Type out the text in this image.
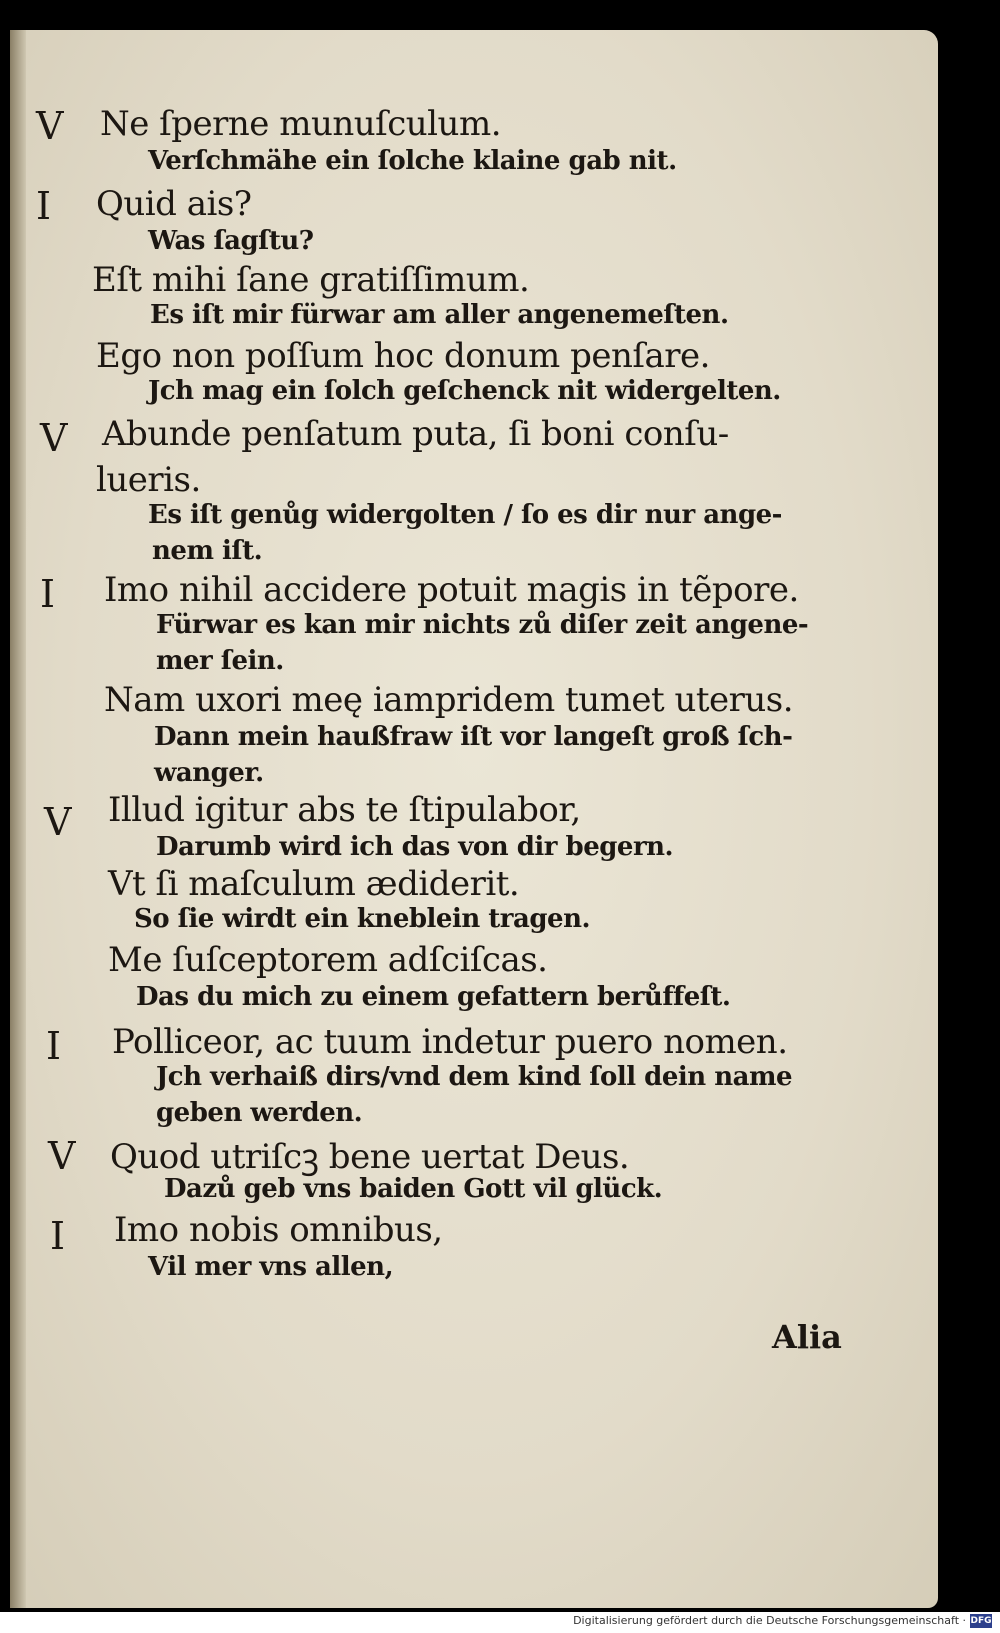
V
I
V
I
V
I
V
I
Ne ſperne munuſculum.
Verſchmähe ein ſolche klaine gab nit.
Quid ais?
Was ſagſtu?
Eſt mihi ſane gratiſſimum.
Es iſt mir fürwar am aller angenemeſten.
Ego non poſſum hoc donum penſare.
Jch mag ein ſolch geſchenck nit widergelten.
Abunde penſatum puta, ſi boni conſu-
lueris.
Es iſt genůg widergolten / ſo es dir nur ange-
nem iſt.
Imo nihil accidere potuit magis in tẽpore.
Fürwar es kan mir nichts zů diſer zeit angene-
mer ſein.
Nam uxori meę iampridem tumet uterus.
Dann mein haußfraw iſt vor langeſt groß ſch-
wanger.
Illud igitur abs te ſtipulabor,
Darumb wird ich das von dir begern.
Vt ſi maſculum ædiderit.
So ſie wirdt ein kneblein tragen.
Me ſuſceptorem adſciſcas.
Das du mich zu einem gefattern berůffeſt.
Polliceor, ac tuum indetur puero nomen.
Jch verhaiß dirs/vnd dem kind ſoll dein name
geben werden.
Quod utriſcꝫ bene uertat Deus.
Dazů geb vns baiden Gott vil glück.
Imo nobis omnibus,
Vil mer vns allen,
Alia
Digitalisierung gefördert durch die Deutsche Forschungsgemeinschaft · DFG
